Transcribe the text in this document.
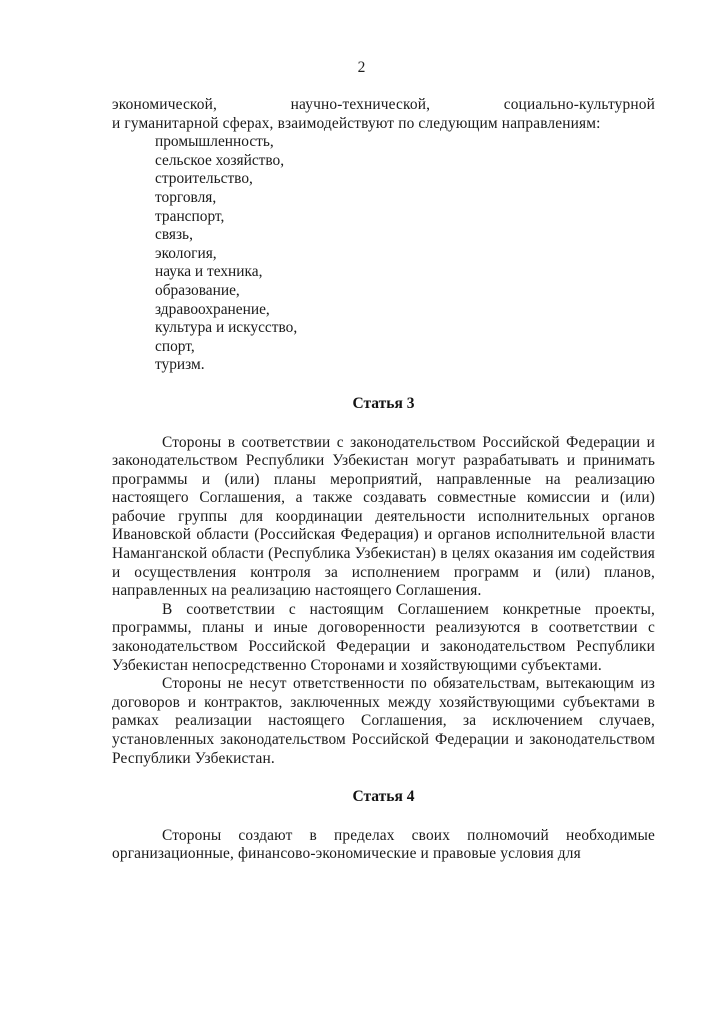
2

экономической, научно-технической, социально-культурной
и гуманитарной сферах, взаимодействуют по следующим направлениям:

промышленность,
сельское хозяйство,
строительство,
торговля,
транспорт,
связь,
экология,
наука и техника,
образование,
здравоохранение,
культура и искусство,
спорт,
туризм.
Статья 3

Стороны в соответствии с законодательством Российской Федерации и законодательством Республики Узбекистан могут разрабатывать и принимать программы и (или) планы мероприятий, направленные на реализацию настоящего Соглашения, а также создавать совместные комиссии и (или) рабочие группы для координации деятельности исполнительных органов Ивановской области (Российская Федерация) и органов исполнительной власти Наманганской области (Республика Узбекистан) в целях оказания им содействия и осуществления контроля за исполнением программ и (или) планов, направленных на реализацию настоящего Соглашения.

В соответствии с настоящим Соглашением конкретные проекты, программы, планы и иные договоренности реализуются в соответствии с законодательством Российской Федерации и законодательством Республики Узбекистан непосредственно Сторонами и хозяйствующими субъектами.

Стороны не несут ответственности по обязательствам, вытекающим из договоров и контрактов, заключенных между хозяйствующими субъектами в рамках реализации настоящего Соглашения, за исключением случаев, установленных законодательством Российской Федерации и законодательством Республики Узбекистан.

Статья 4

Стороны создают в пределах своих полномочий необходимые организационные, финансово-экономические и правовые условия для
